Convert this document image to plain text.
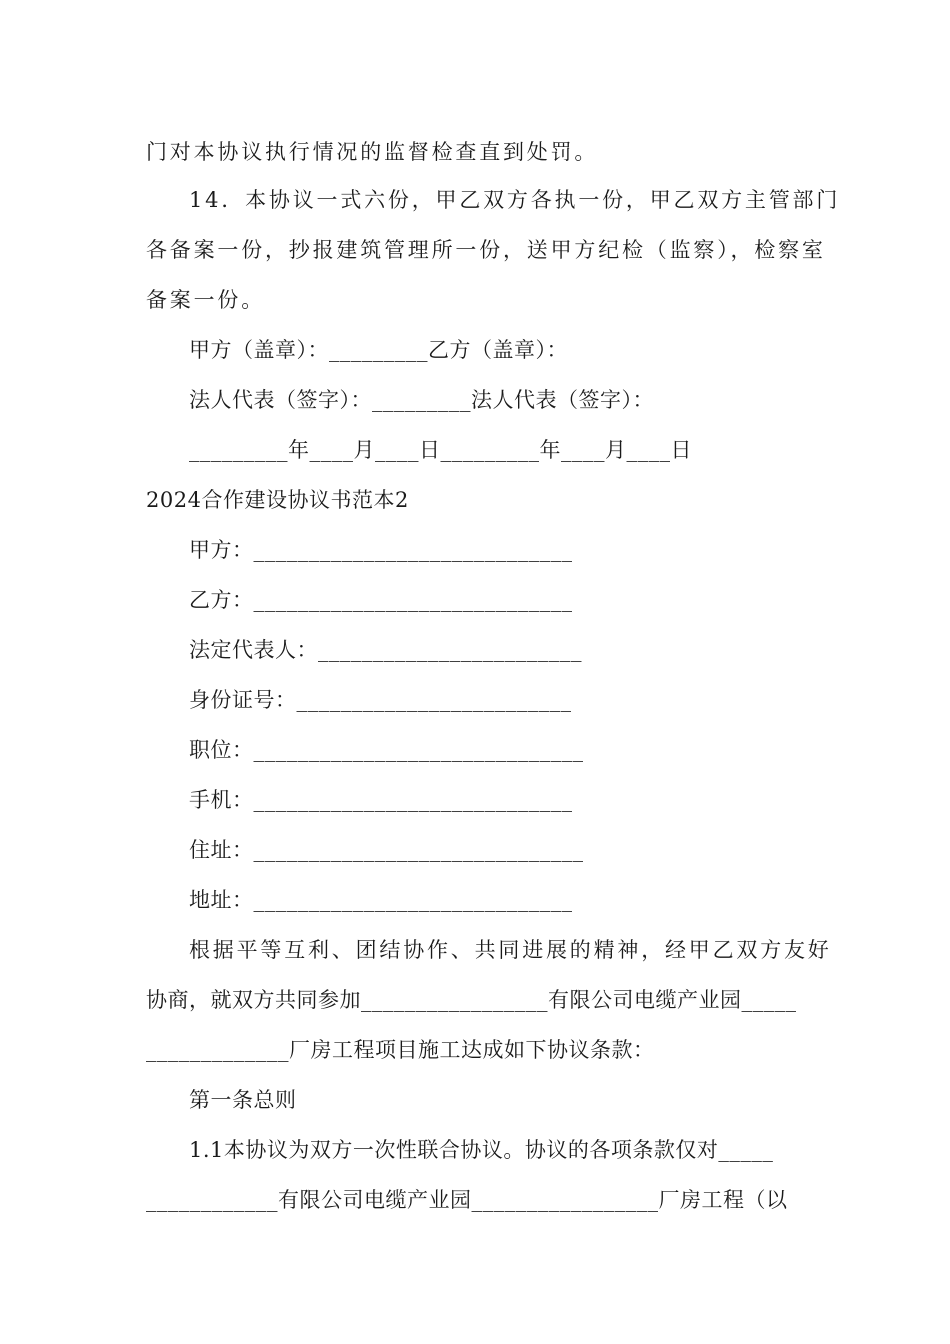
门对本协议执行情况的监督检查直到处罚。
14．本协议一式六份，甲乙双方各执一份，甲乙双方主管部门
各备案一份，抄报建筑管理所一份，送甲方纪检（监察），检察室
备案一份。
甲方（盖章）：_________乙方（盖章）：
法人代表（签字）：_________法人代表（签字）：
_________年____月____日_________年____月____日
2024合作建设协议书范本2
甲方：_____________________________
乙方：_____________________________
法定代表人：________________________
身份证号：_________________________
职位：______________________________
手机：_____________________________
住址：______________________________
地址：_____________________________
根据平等互利、团结协作、共同进展的精神，经甲乙双方友好
协商，就双方共同参加_________________有限公司电缆产业园_____
_____________厂房工程项目施工达成如下协议条款：
第一条总则
1.1本协议为双方一次性联合协议。协议的各项条款仅对_____
____________有限公司电缆产业园_________________厂房工程（以
